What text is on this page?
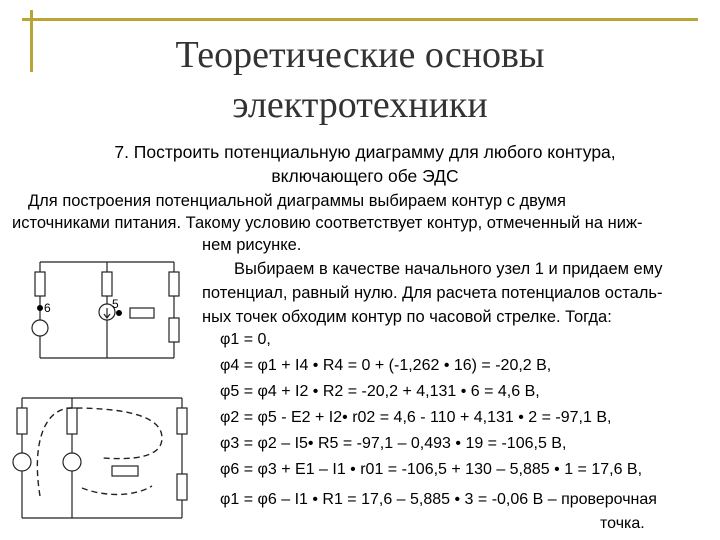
Теоретические основы
электротехники
7. Построить потенциальную диаграмму для любого контура,
включающего обе ЭДС
Для построения потенциальной диаграммы выбираем контур с двумя
источниками питания. Такому условию соответствует контур, отмеченный на ниж-
нем рисунке.
Выбираем в качестве начального узел 1 и придаем ему
потенциал, равный нулю. Для расчета потенциалов осталь-
ных точек обходим контур по часовой стрелке. Тогда:
φ1 = 0,
φ4 = φ1 + I4 • R4 = 0 + (-1,262 • 16) = -20,2 В,
φ5 = φ4 + I2 • R2 = -20,2 + 4,131 • 6 = 4,6 В,
φ2 = φ5 - E2 + I2• r02 = 4,6 - 110 + 4,131 • 2 = -97,1 В,
φ3 = φ2 – I5• R5 = -97,1 – 0,493 • 19 = -106,5 В,
φ6 = φ3 + E1 – I1 • r01 = -106,5 + 130 – 5,885 • 1 = 17,6 В,
φ1 = φ6 – I1 • R1 = 17,6 – 5,885 • 3 = -0,06 В – проверочная
точка.
6	5
